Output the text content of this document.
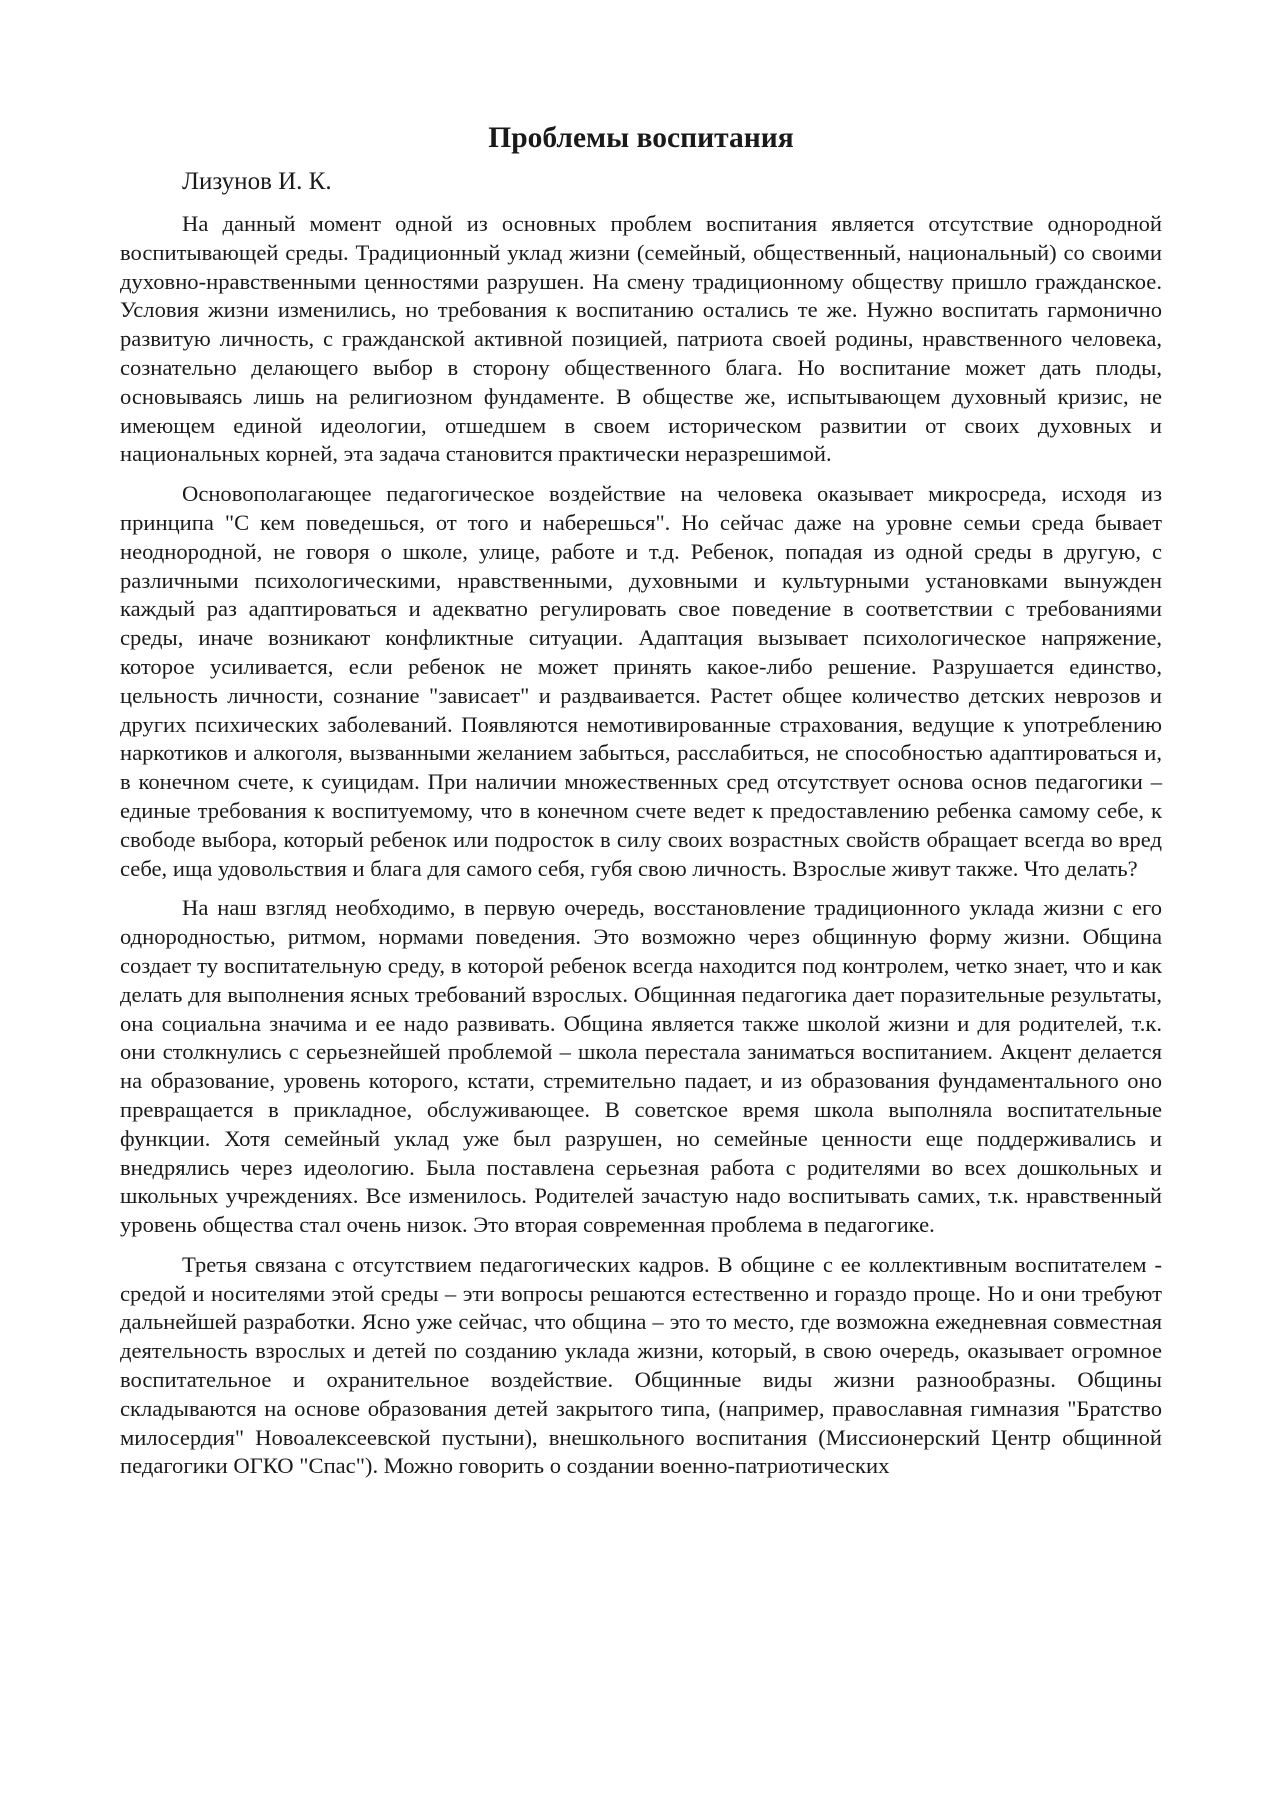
Проблемы воспитания
Лизунов И. К.

На данный момент одной из основных проблем воспитания является отсутствие однородной воспитывающей среды. Традиционный уклад жизни (семейный, общественный, национальный) со своими духовно-нравственными ценностями разрушен. На смену традиционному обществу пришло гражданское. Условия жизни изменились, но требования к воспитанию остались те же. Нужно воспитать гармонично развитую личность, с гражданской активной позицией, патриота своей родины, нравственного человека, сознательно делающего выбор в сторону общественного блага. Но воспитание может дать плоды, основываясь лишь на религиозном фундаменте. В обществе же, испытывающем духовный кризис, не имеющем единой идеологии, отшедшем в своем историческом развитии от своих духовных и национальных корней, эта задача становится практически неразрешимой.

Основополагающее педагогическое воздействие на человека оказывает микросреда, исходя из принципа "С кем поведешься, от того и наберешься". Но сейчас даже на уровне семьи среда бывает неоднородной, не говоря о школе, улице, работе и т.д. Ребенок, попадая из одной среды в другую, с различными психологическими, нравственными, духовными и культурными установками вынужден каждый раз адаптироваться и адекватно регулировать свое поведение в соответствии с требованиями среды, иначе возникают конфликтные ситуации. Адаптация вызывает психологическое напряжение, которое усиливается, если ребенок не может принять какое-либо решение. Разрушается единство, цельность личности, сознание "зависает" и раздваивается. Растет общее количество детских неврозов и других психических заболеваний. Появляются немотивированные страхования, ведущие к употреблению наркотиков и алкоголя, вызванными желанием забыться, расслабиться, не способностью адаптироваться и, в конечном счете, к суицидам. При наличии множественных сред отсутствует основа основ педагогики – единые требования к воспитуемому, что в конечном счете ведет к предоставлению ребенка самому себе, к свободе выбора, который ребенок или подросток в силу своих возрастных свойств обращает всегда во вред себе, ища удовольствия и блага для самого себя, губя свою личность. Взрослые живут также. Что делать?

На наш взгляд необходимо, в первую очередь, восстановление традиционного уклада жизни с его однородностью, ритмом, нормами поведения. Это возможно через общинную форму жизни. Община создает ту воспитательную среду, в которой ребенок всегда находится под контролем, четко знает, что и как делать для выполнения ясных требований взрослых. Общинная педагогика дает поразительные результаты, она социальна значима и ее надо развивать. Община является также школой жизни и для родителей, т.к. они столкнулись с серьезнейшей проблемой – школа перестала заниматься воспитанием. Акцент делается на образование, уровень которого, кстати, стремительно падает, и из образования фундаментального оно превращается в прикладное, обслуживающее. В советское время школа выполняла воспитательные функции. Хотя семейный уклад уже был разрушен, но семейные ценности еще поддерживались и внедрялись через идеологию. Была поставлена серьезная работа с родителями во всех дошкольных и школьных учреждениях. Все изменилось. Родителей зачастую надо воспитывать самих, т.к. нравственный уровень общества стал очень низок. Это вторая современная проблема в педагогике.

Третья связана с отсутствием педагогических кадров. В общине с ее коллективным воспитателем - средой и носителями этой среды – эти вопросы решаются естественно и гораздо проще. Но и они требуют дальнейшей разработки. Ясно уже сейчас, что община – это то место, где возможна ежедневная совместная деятельность взрослых и детей по созданию уклада жизни, который, в свою очередь, оказывает огромное воспитательное и охранительное воздействие. Общинные виды жизни разнообразны. Общины складываются на основе образования детей закрытого типа, (например, православная гимназия "Братство милосердия" Новоалексеевской пустыни), внешкольного воспитания (Миссионерский Центр общинной педагогики ОГКО "Спас"). Можно говорить о создании военно-патриотических
